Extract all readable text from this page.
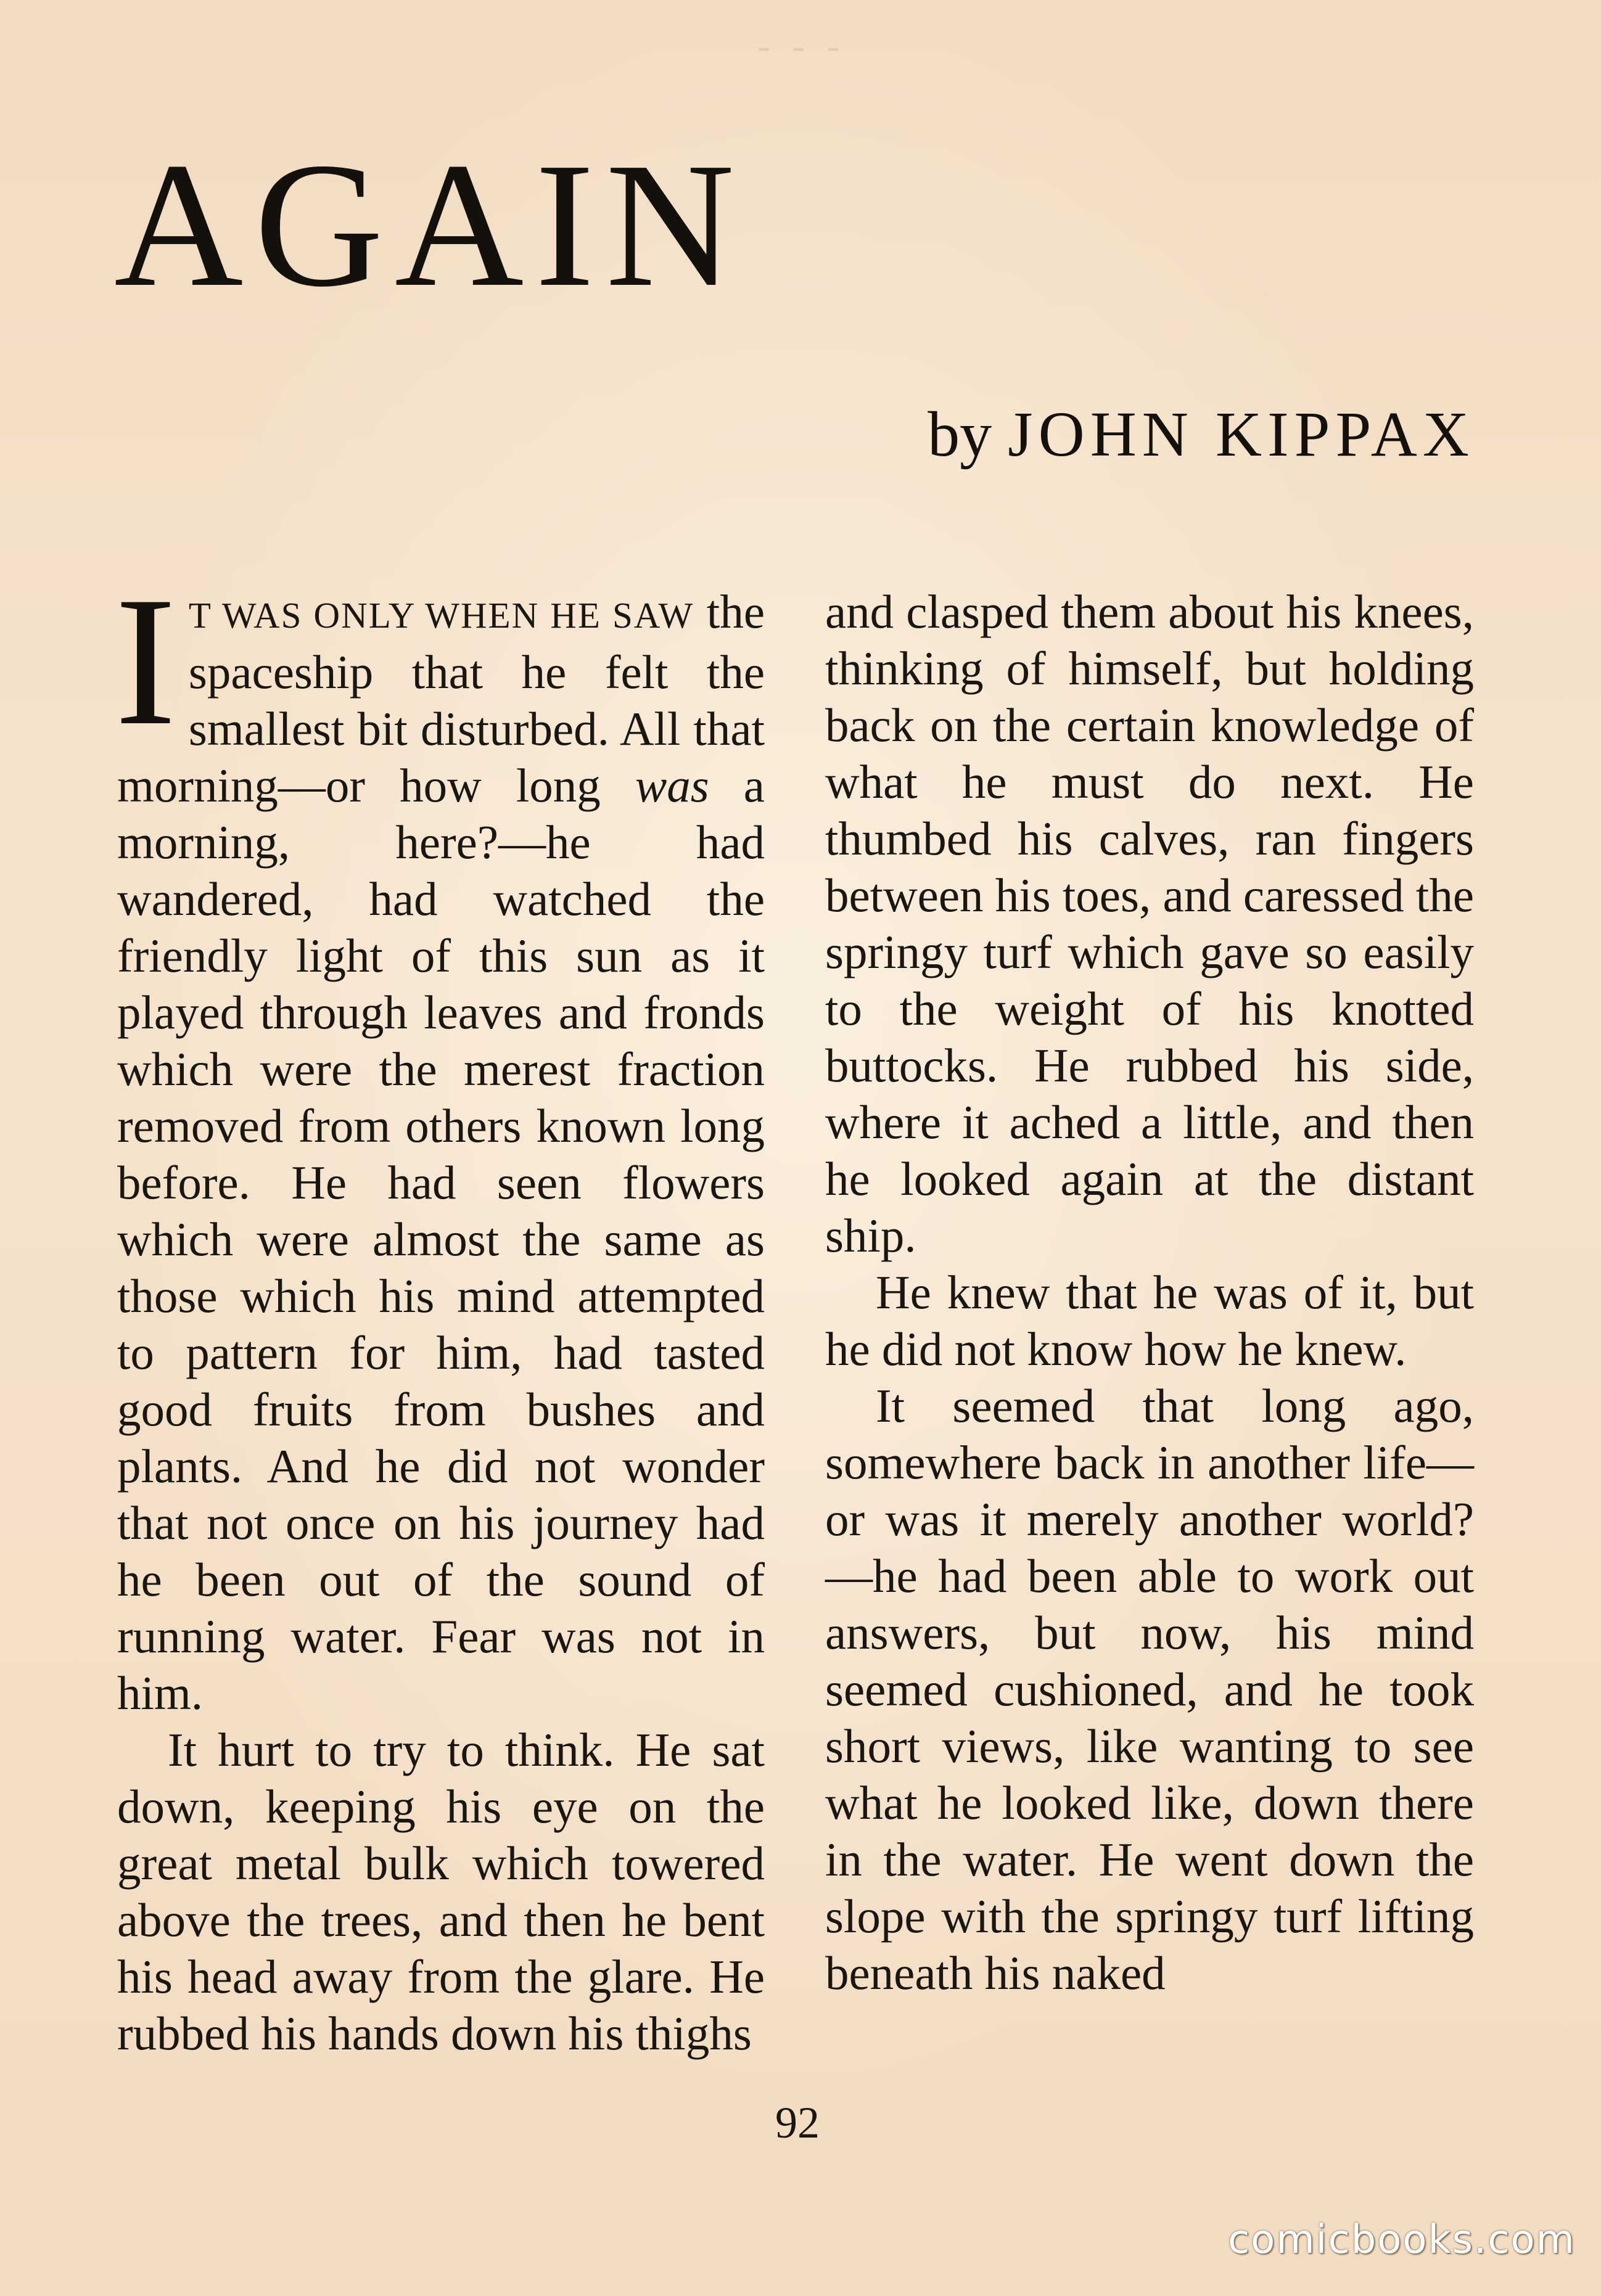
- - -
AGAIN
by JOHN KIPPAX

I T WAS ONLY WHEN HE SAW the spaceship that he felt the smallest bit disturbed. All that morning—or how long was a morning, here?—he had wandered, had watched the friendly light of this sun as it played through leaves and fronds which were the merest fraction removed from others known long before. He had seen flowers which were almost the same as those which his mind attempted to pattern for him, had tasted good fruits from bushes and plants. And he did not wonder that not once on his journey had he been out of the sound of running water. Fear was not in him.

It hurt to try to think. He sat down, keeping his eye on the great metal bulk which towered above the trees, and then he bent his head away from the glare. He rubbed his hands down his thighs

and clasped them about his knees, thinking of himself, but holding back on the certain knowledge of what he must do next. He thumbed his calves, ran fingers between his toes, and caressed the springy turf which gave so easily to the weight of his knotted buttocks. He rubbed his side, where it ached a little, and then he looked again at the distant ship.

He knew that he was of it, but he did not know how he knew.

It seemed that long ago, somewhere back in another life—or was it merely another world?—he had been able to work out answers, but now, his mind seemed cushioned, and he took short views, like wanting to see what he looked like, down there in the water. He went down the slope with the springy turf lifting beneath his naked

92
comicbooks.com
